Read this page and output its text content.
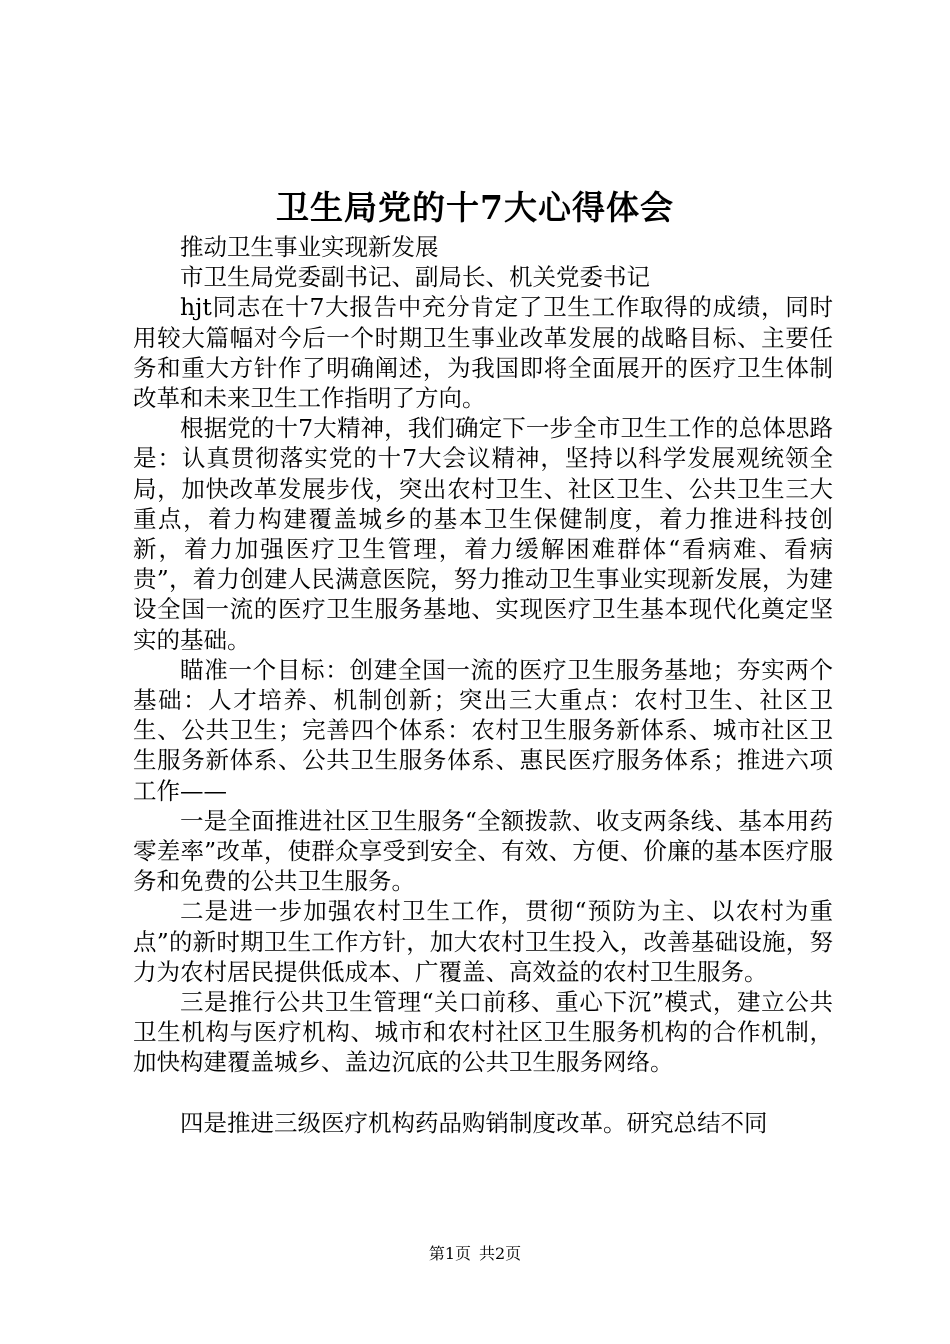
卫生局党的十7大心得体会

推动卫生事业实现新发展

市卫生局党委副书记、副局长、机关党委书记

hjt同志在十7大报告中充分肯定了卫生工作取得的成绩，同时用较大篇幅对今后一个时期卫生事业改革发展的战略目标、主要任务和重大方针作了明确阐述，为我国即将全面展开的医疗卫生体制改革和未来卫生工作指明了方向。

根据党的十7大精神，我们确定下一步全市卫生工作的总体思路是：认真贯彻落实党的十7大会议精神，坚持以科学发展观统领全局，加快改革发展步伐，突出农村卫生、社区卫生、公共卫生三大重点，着力构建覆盖城乡的基本卫生保健制度，着力推进科技创新，着力加强医疗卫生管理，着力缓解困难群体“看病难、看病贵”，着力创建人民满意医院，努力推动卫生事业实现新发展，为建设全国一流的医疗卫生服务基地、实现医疗卫生基本现代化奠定坚实的基础。

瞄准一个目标：创建全国一流的医疗卫生服务基地；夯实两个基础：人才培养、机制创新；突出三大重点：农村卫生、社区卫生、公共卫生；完善四个体系：农村卫生服务新体系、城市社区卫生服务新体系、公共卫生服务体系、惠民医疗服务体系；推进六项工作——

一是全面推进社区卫生服务“全额拨款、收支两条线、基本用药零差率”改革，使群众享受到安全、有效、方便、价廉的基本医疗服务和免费的公共卫生服务。

二是进一步加强农村卫生工作，贯彻“预防为主、以农村为重点”的新时期卫生工作方针，加大农村卫生投入，改善基础设施，努力为农村居民提供低成本、广覆盖、高效益的农村卫生服务。

三是推行公共卫生管理“关口前移、重心下沉”模式，建立公共卫生机构与医疗机构、城市和农村社区卫生服务机构的合作机制，加快构建覆盖城乡、盖边沉底的公共卫生服务网络。

四是推进三级医疗机构药品购销制度改革。研究总结不同

第1页 共2页
